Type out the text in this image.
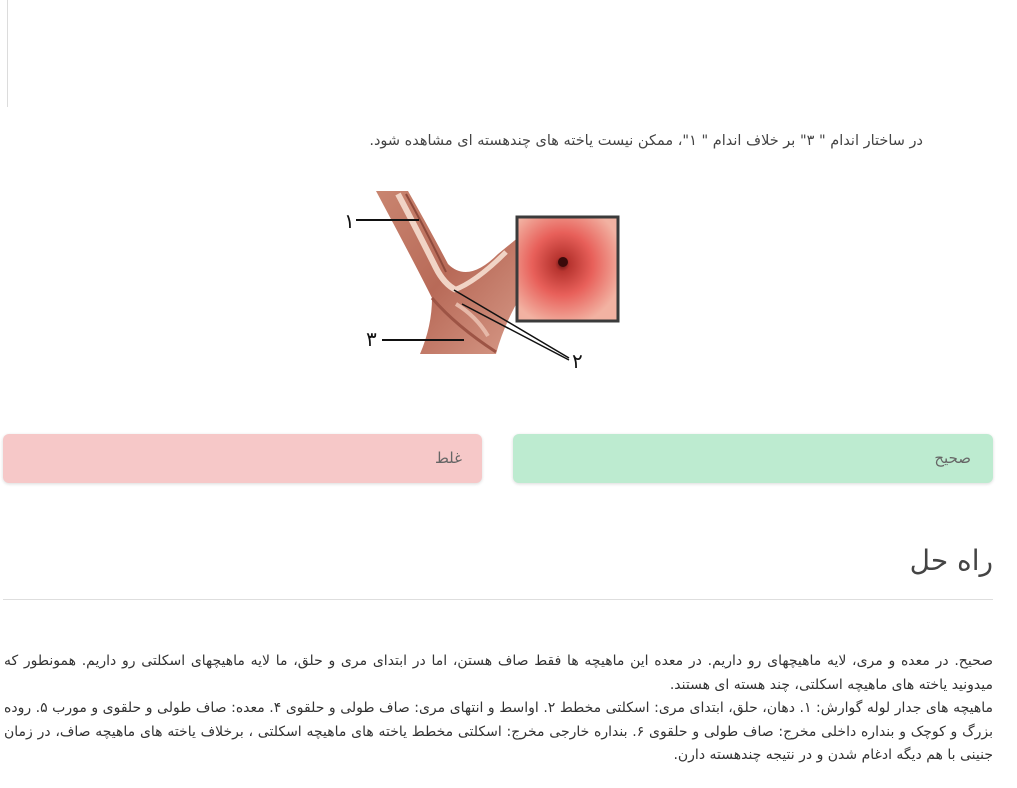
در ساختار اندام " ۳" بر خلاف اندام " ۱"، ممکن نیست یاخته های چندهسته ای مشاهده شود.
۱
۲
۳
صحیح
غلط
راه حل

صحیح. در معده و مری، لایه ماهیچهای رو داریم. در معده این ماهیچه ها فقط صاف هستن، اما در ابتدای مری و حلق، ما لایه ماهیچهای اسکلتی رو داریم. همونطور که میدونید یاخته های ماهیچه اسکلتی، چند هسته ای هستند.

ماهیچه های جدار لوله گوارش: ۱. دهان، حلق، ابتدای مری: اسکلتی مخطط ۲. اواسط و انتهای مری: صاف طولی و حلقوی ۴. معده: صاف طولی و حلقوی و مورب ۵. روده بزرگ و کوچک و بنداره داخلی مخرج: صاف طولی و حلقوی ۶. بنداره خارجی مخرج: اسکلتی مخطط یاخته های ماهیچه اسکلتی ، برخلاف یاخته های ماهیچه صاف، در زمان جنینی با هم دیگه ادغام شدن و در نتیجه چندهسته دارن.
